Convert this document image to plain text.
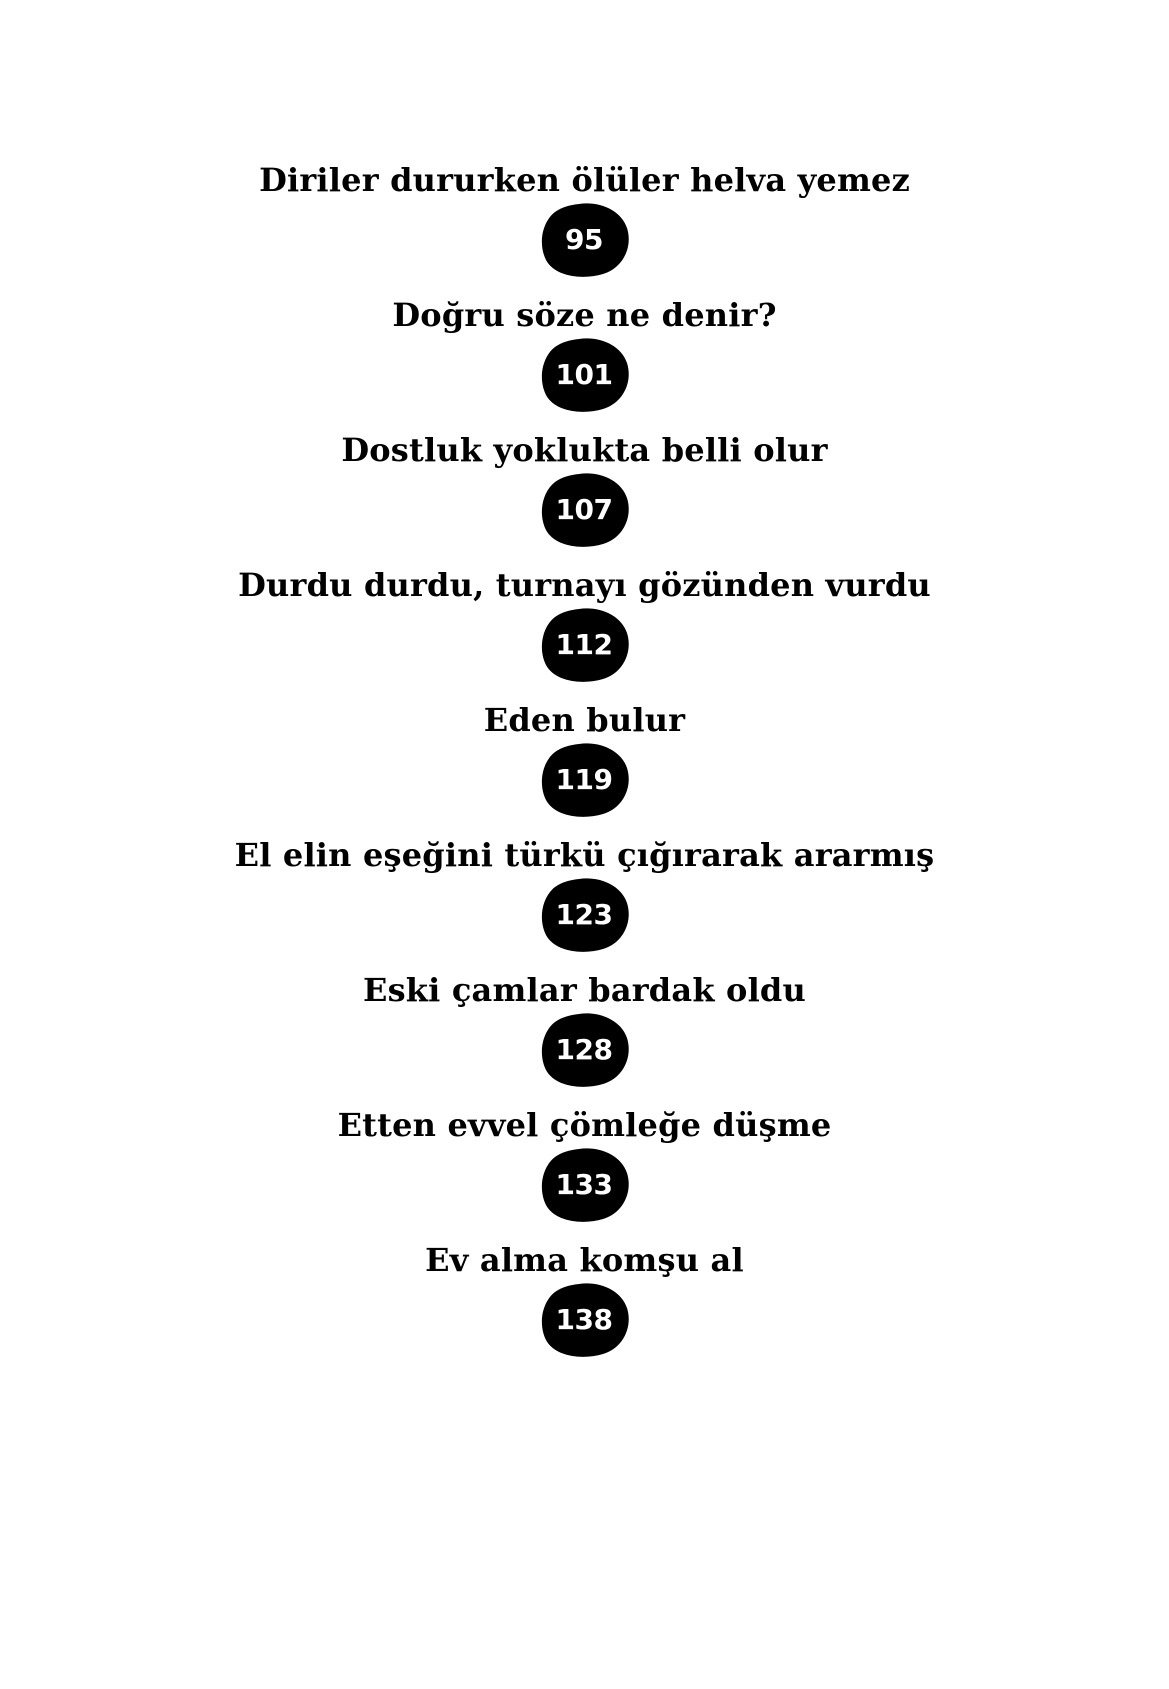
Diriler dururken ölüler helva yemez
95
Doğru söze ne denir?
101
Dostluk yoklukta belli olur
107
Durdu durdu, turnayı gözünden vurdu
112
Eden bulur
119
El elin eşeğini türkü çığırarak ararmış
123
Eski çamlar bardak oldu
128
Etten evvel çömleğe düşme
133
Ev alma komşu al
138
